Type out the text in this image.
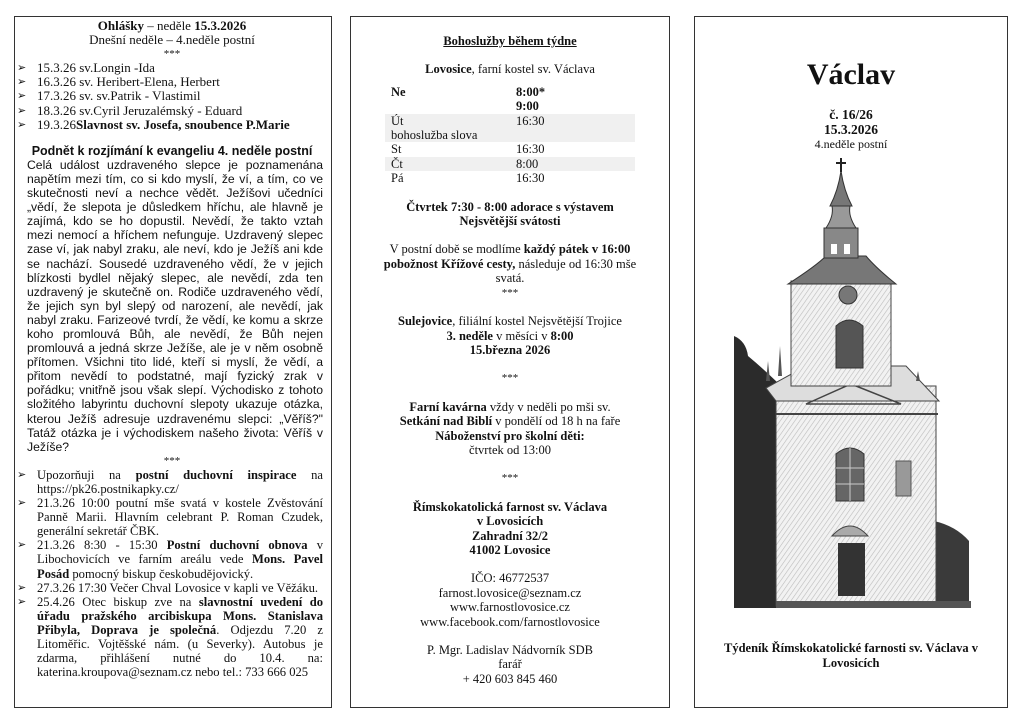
Ohlášky – neděle 15.3.2026
Dnešní neděle – 4.neděle postní
***
➢ 15.3.26 sv.Longin -Ida
➢ 16.3.26 sv. Heribert-Elena, Herbert
➢ 17.3.26 sv. sv.Patrik - Vlastimil
➢ 18.3.26 sv.Cyril Jeruzalémský - Eduard
➢ 19.3.26Slavnost sv. Josefa, snoubence P.Marie
Podnět k rozjímání k evangeliu 4. neděle postní
Celá událost uzdraveného slepce je poznamenána napětím mezi tím, co si kdo myslí, že ví, a tím, co ve skutečnosti neví a nechce vědět. Ježíšovi učedníci „vědí, že slepota je důsledkem hříchu, ale hlavně je zajímá, kdo se ho dopustil. Nevědí, že takto vztah mezi nemocí a hříchem nefunguje. Uzdravený slepec zase ví, jak nabyl zraku, ale neví, kdo je Ježíš ani kde se nachází. Sousedé uzdraveného vědí, že v jejich blízkosti bydlel nějaký slepec, ale nevědí, zda ten uzdravený je skutečně on. Rodiče uzdraveného vědí, že jejich syn byl slepý od narození, ale nevědí, jak nabyl zraku. Farizeové tvrdí, že vědí, ke komu a skrze koho promlouvá Bůh, ale nevědí, že Bůh nejen promlouvá a jedná skrze Ježíše, ale je v něm osobně přítomen. Všichni tito lidé, kteří si myslí, že vědí, a přitom nevědí to podstatné, mají fyzický zrak v pořádku; vnitřně jsou však slepí. Východisko z tohoto složitého labyrintu duchovní slepoty ukazuje otázka, kterou Ježíš adresuje uzdravenému slepci: „Věříš?" Tatáž otázka je i východiskem našeho života: Věříš v Ježíše?
***
➢ Upozorňuji na postní duchovní inspirace na https://pk26.postnikapky.cz/
➢ 21.3.26 10:00 poutní mše svatá v kostele Zvěstování Panně Marii. Hlavním celebrant P. Roman Czudek, generální sekretář ČBK.
➢ 21.3.26 8:30 - 15:30 Postní duchovní obnova v Libochovicích ve farním areálu vede Mons. Pavel Posád pomocný biskup českobudějovický.
➢ 27.3.26 17:30 Večer Chval Lovosice v kapli ve Věžáku.
➢ 25.4.26 Otec biskup zve na slavnostní uvedení do úřadu pražského arcibiskupa Mons. Stanislava Přibyla, Doprava je společná. Odjezdu 7.20 z Litoměřic. Vojtěšské nám. (u Severky). Autobus je zdarma, přihlášení nutné do 10.4. na: katerina.kroupova@seznam.cz nebo tel.: 733 666 025
Bohoslužby během týdne
Lovosice, farní kostel sv. Václava
Ne	8:00*
	9:00
Út	16:30
bohoslužba slova	
St	16:30
Čt	8:00
Pá	16:30
Čtvrtek 7:30 - 8:00 adorace s výstavem Nejsvětější svátosti
V postní době se modlíme každý pátek v 16:00 pobožnost Křížové cesty, následuje od 16:30 mše svatá.
***
Sulejovice, filiální kostel Nejsvětější Trojice
3. neděle v měsíci v 8:00
15.března 2026
***
Farní kavárna vždy v neděli po mši sv.
Setkání nad Biblí v pondělí od 18 h na faře
Náboženství pro školní děti:
čtvrtek od 13:00
***
Římskokatolická farnost sv. Václava
v Lovosicích
Zahradní 32/2
41002 Lovosice
IČO: 46772537
farnost.lovosice@seznam.cz
www.farnostlovosice.cz
www.facebook.com/farnostlovosice
P. Mgr. Ladislav Nádvorník SDB
farář
+ 420 603 845 460
Václav
č. 16/26
15.3.2026
4.neděle postní
Týdeník Římskokatolické farnosti sv. Václava v Lovosicích
